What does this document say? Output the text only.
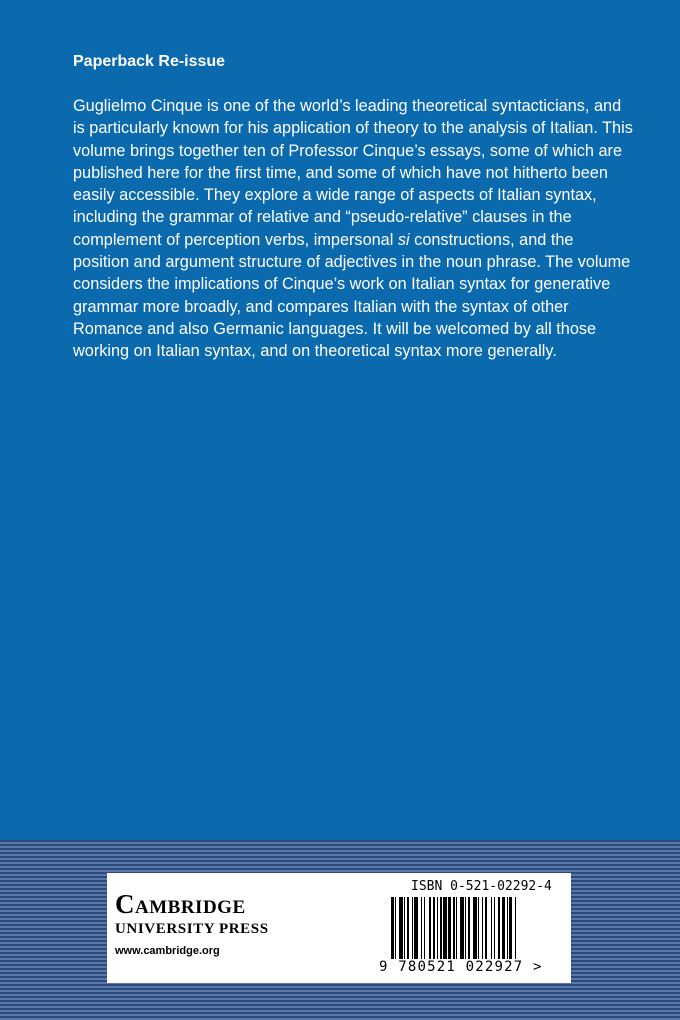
Paperback Re-issue

Guglielmo Cinque is one of the world’s leading theoretical syntacticians, and is particularly known for his application of theory to the analysis of Italian. This volume brings together ten of Professor Cinque’s essays, some of which are published here for the first time, and some of which have not hitherto been easily accessible. They explore a wide range of aspects of Italian syntax, including the grammar of relative and “pseudo-relative” clauses in the complement of perception verbs, impersonal si constructions, and the position and argument structure of adjectives in the noun phrase. The volume considers the implications of Cinque’s work on Italian syntax for generative grammar more broadly, and compares Italian with the syntax of other Romance and also Germanic languages. It will be welcomed by all those working on Italian syntax, and on theoretical syntax more generally.

Cambridge
UNIVERSITY PRESS
www.cambridge.org
ISBN 0-521-02292-4
9 780521 022927 >
